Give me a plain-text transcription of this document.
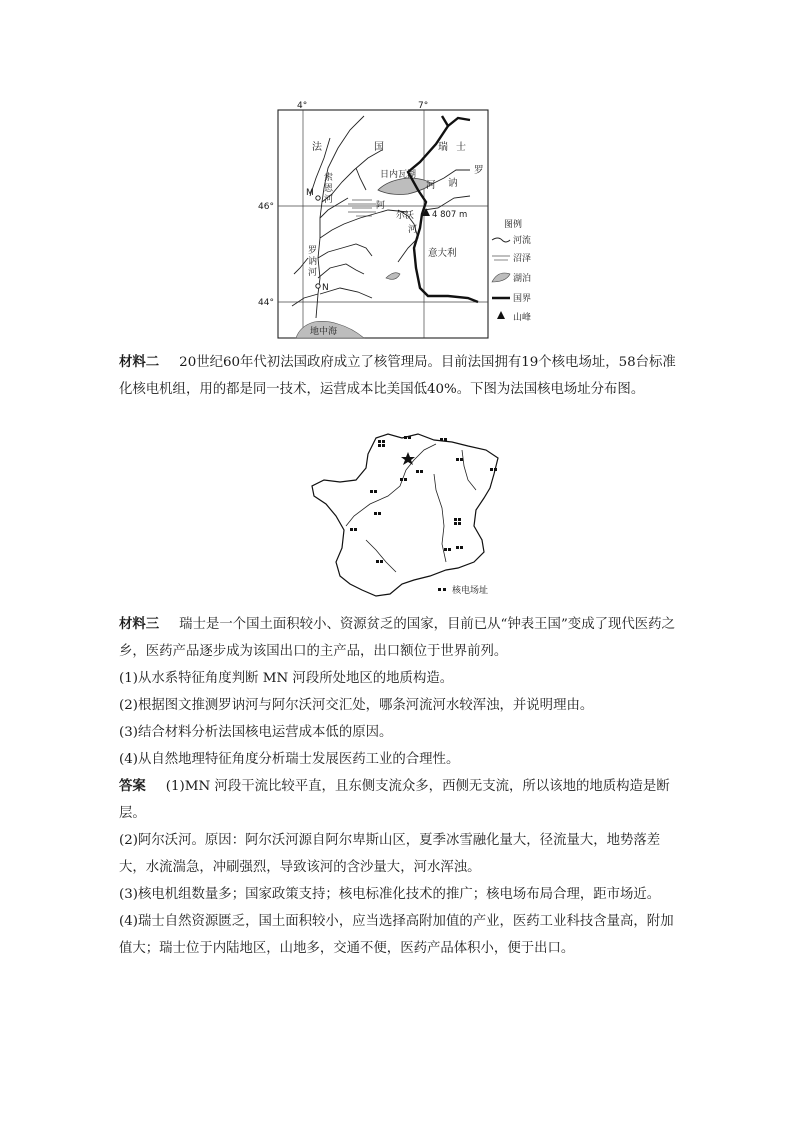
4°	7°
46°
44°
法	国	瑞 士
日内瓦湖
河 讷
罗
索
恩
河
阿
尔沃
河
4 807 m
意大利
罗
讷
河
地中海
M
N
图例
河流
沼泽
湖泊
国界
山峰

材料二 20世纪60年代初法国政府成立了核管理局。目前法国拥有19个核电场址，58台标准化核电机组，用的都是同一技术，运营成本比美国低40%。下图为法国核电场址分布图。

核电场址

材料三 瑞士是一个国土面积较小、资源贫乏的国家，目前已从“钟表王国”变成了现代医药之乡，医药产品逐步成为该国出口的主产品，出口额位于世界前列。

(1)从水系特征角度判断 MN 河段所处地区的地质构造。

(2)根据图文推测罗讷河与阿尔沃河交汇处，哪条河流河水较浑浊，并说明理由。

(3)结合材料分析法国核电运营成本低的原因。

(4)从自然地理特征角度分析瑞士发展医药工业的合理性。

答案 (1)MN 河段干流比较平直，且东侧支流众多，西侧无支流，所以该地的地质构造是断层。

(2)阿尔沃河。原因：阿尔沃河源自阿尔卑斯山区，夏季冰雪融化量大，径流量大，地势落差大，水流湍急，冲刷强烈，导致该河的含沙量大，河水浑浊。

(3)核电机组数量多；国家政策支持；核电标准化技术的推广；核电场布局合理，距市场近。

(4)瑞士自然资源匮乏，国土面积较小，应当选择高附加值的产业，医药工业科技含量高，附加值大；瑞士位于内陆地区，山地多，交通不便，医药产品体积小，便于出口。
